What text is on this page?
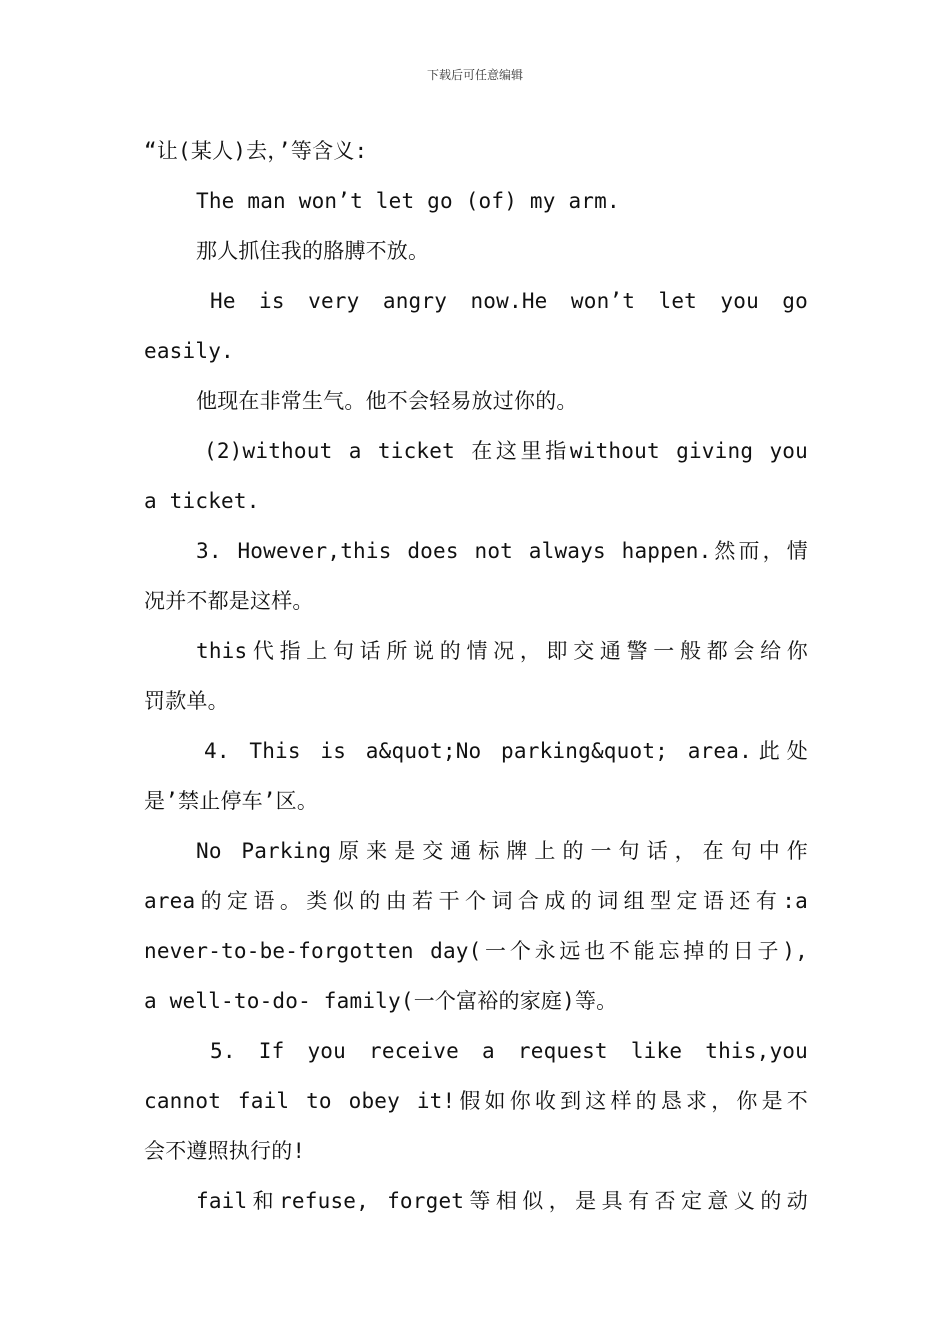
下载后可任意编辑
“让(某人)去，’等含义:
The man won’t let go (of) my arm.
那人抓住我的胳膊不放。
He is very angry now.He won’t let you go
easily.
他现在非常生气。他不会轻易放过你的。
(2)without a ticket 在这里指without giving you
a ticket.
3. However,this does not always happen.然而，情
况并不都是这样。
this代指上句话所说的情况，即交通警一般都会给你
罚款单。
4. This is a&quot;No parking&quot; area.此处
是’禁止停车’区。
No Parking原来是交通标牌上的一句话，在句中作
area的定语。类似的由若干个词合成的词组型定语还有:a
never-to-be-forgotten day(一个永远也不能忘掉的日子),
a well-to-do- family(一个富裕的家庭)等。
5. If you receive a request like this,you
cannot fail to obey it!假如你收到这样的恳求，你是不
会不遵照执行的!
fail和refuse, forget等相似，是具有否定意义的动
